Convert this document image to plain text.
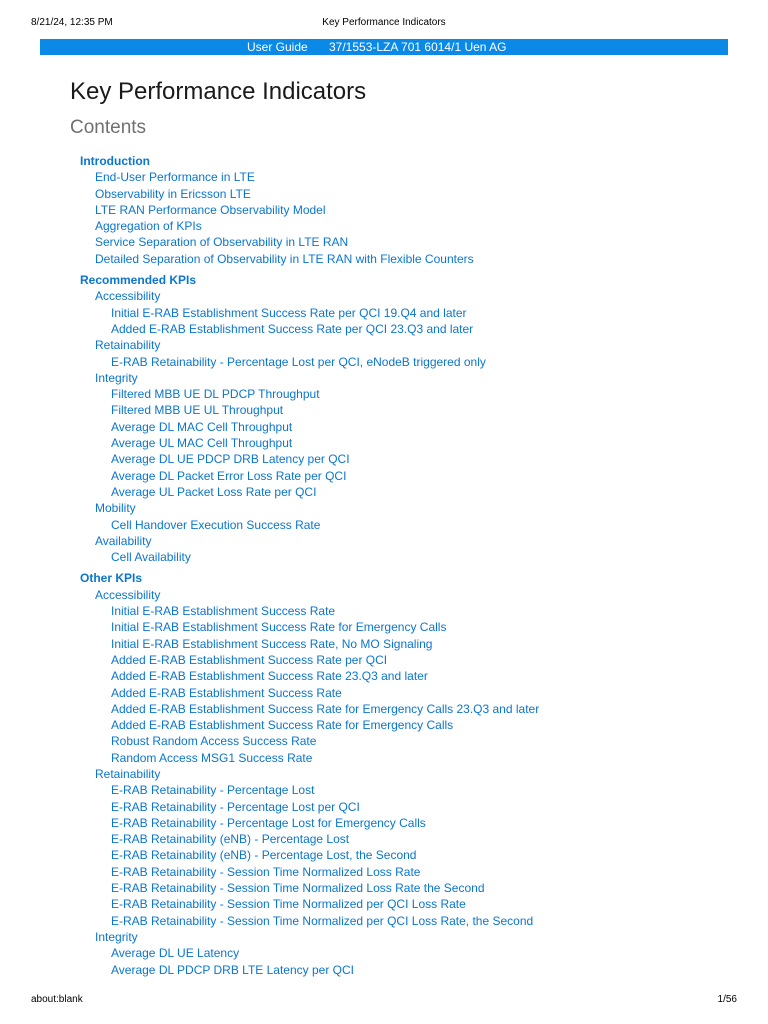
8/21/24, 12:35 PM	Key Performance Indicators
User Guide 37/1553-LZA 701 6014/1 Uen AG
Key Performance Indicators
Contents
Introduction
End-User Performance in LTE
Observability in Ericsson LTE
LTE RAN Performance Observability Model
Aggregation of KPIs
Service Separation of Observability in LTE RAN
Detailed Separation of Observability in LTE RAN with Flexible Counters
Recommended KPIs
Accessibility
Initial E-RAB Establishment Success Rate per QCI 19.Q4 and later
Added E-RAB Establishment Success Rate per QCI 23.Q3 and later
Retainability
E-RAB Retainability - Percentage Lost per QCI, eNodeB triggered only
Integrity
Filtered MBB UE DL PDCP Throughput
Filtered MBB UE UL Throughput
Average DL MAC Cell Throughput
Average UL MAC Cell Throughput
Average DL UE PDCP DRB Latency per QCI
Average DL Packet Error Loss Rate per QCI
Average UL Packet Loss Rate per QCI
Mobility
Cell Handover Execution Success Rate
Availability
Cell Availability
Other KPIs
Accessibility
Initial E-RAB Establishment Success Rate
Initial E-RAB Establishment Success Rate for Emergency Calls
Initial E-RAB Establishment Success Rate, No MO Signaling
Added E-RAB Establishment Success Rate per QCI
Added E-RAB Establishment Success Rate 23.Q3 and later
Added E-RAB Establishment Success Rate
Added E-RAB Establishment Success Rate for Emergency Calls 23.Q3 and later
Added E-RAB Establishment Success Rate for Emergency Calls
Robust Random Access Success Rate
Random Access MSG1 Success Rate
Retainability
E-RAB Retainability - Percentage Lost
E-RAB Retainability - Percentage Lost per QCI
E-RAB Retainability - Percentage Lost for Emergency Calls
E-RAB Retainability (eNB) - Percentage Lost
E-RAB Retainability (eNB) - Percentage Lost, the Second
E-RAB Retainability - Session Time Normalized Loss Rate
E-RAB Retainability - Session Time Normalized Loss Rate the Second
E-RAB Retainability - Session Time Normalized per QCI Loss Rate
E-RAB Retainability - Session Time Normalized per QCI Loss Rate, the Second
Integrity
Average DL UE Latency
Average DL PDCP DRB LTE Latency per QCI
about:blank	1/56
